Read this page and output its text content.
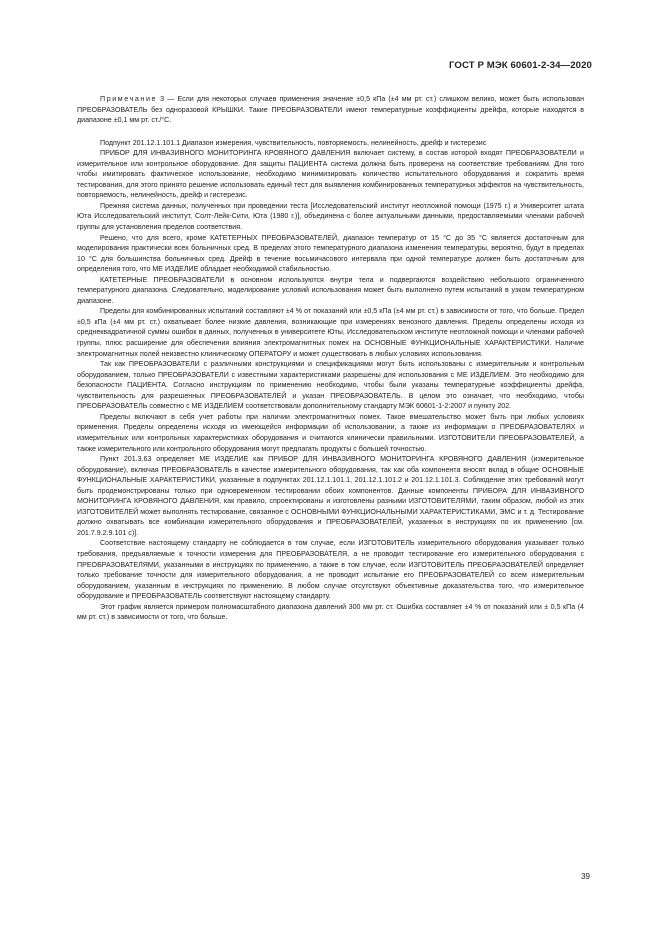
ГОСТ Р МЭК 60601-2-34—2020

Примечание 3 — Если для некоторых случаев применения значение ±0,5 кПа (±4 мм рт. ст.) слишком велико, может быть использован ПРЕОБРАЗОВАТЕЛЬ без одноразовой КРЫШКИ. Такие ПРЕОБРАЗОВАТЕЛИ имеют температурные коэффициенты дрейфа, которые находятся в диапазоне ±0,1 мм рт. ст./°С.

Подпункт 201.12.1.101.1 Диапазон измерения, чувствительность, повторяемость, нелинейность, дрейф и гистерезис

ПРИБОР ДЛЯ ИНВАЗИВНОГО МОНИТОРИНГА КРОВЯНОГО ДАВЛЕНИЯ включает систему, в состав которой входят ПРЕОБРАЗОВАТЕЛИ и измерительное или контрольное оборудование. Для защиты ПАЦИЕНТА система должна быть проверена на соответствие требованиям. Для того чтобы имитировать фактическое использование, необходимо минимизировать количество испытательного оборудования и сократить время тестирования, для этого принято решение использовать единый тест для выявления комбинированных температурных эффектов на чувствительность, повторяемость, нелинейность, дрейф и гистерезис.

Прежняя система данных, полученных при проведении теста [Исследовательский институт неотложной помощи (1975 г.) и Университет штата Юта Исследовательский институт, Солт-Лейк-Сити, Юта (1980 г.)], объединена с более актуальными данными, предоставляемыми членами рабочей группы для установления пределов соответствия.

Решено, что для всего, кроме КАТЕТЕРНЫХ ПРЕОБРАЗОВАТЕЛЕЙ, диапазон температур от 15 °С до 35 °С является достаточным для моделирования практически всех больничных сред. В пределах этого температурного диапазона изменения температуры, вероятно, будут в пределах 10 °С для большинства больничных сред. Дрейф в течение восьмичасового интервала при одной температуре должен быть достаточным для определения того, что МЕ ИЗДЕЛИЕ обладает необходимой стабильностью.

КАТЕТЕРНЫЕ ПРЕОБРАЗОВАТЕЛИ в основном используются внутри тела и подвергаются воздействию небольшого ограниченного температурного диапазона. Следовательно, моделирование условий использования может быть выполнено путем испытаний в узком температурном диапазоне.

Пределы для комбинированных испытаний составляют ±4 % от показаний или ±0,5 кПа (±4 мм рт. ст.) в зависимости от того, что больше. Предел ±0,5 кПа (±4 мм рт. ст.) охватывает более низкие давления, возникающие при измерениях венозного давления. Пределы определены исходя из среднеквадратичной суммы ошибок в данных, полученных в университете Юты, Исследовательском институте неотложной помощи и членами рабочей группы, плюс расширение для обеспечения влияния электромагнитных помех на ОСНОВНЫЕ ФУНКЦИОНАЛЬНЫЕ ХАРАКТЕРИСТИКИ. Наличие электромагнитных полей неизвестно клиническому ОПЕРАТОРУ и может существовать в любых условиях использования.

Так как ПРЕОБРАЗОВАТЕЛИ с различными конструкциями и спецификациями могут быть использованы с измерительным и контрольным оборудованием, только ПРЕОБРАЗОВАТЕЛИ с известными характеристиками разрешены для использования с МЕ ИЗДЕЛИЕМ. Это необходимо для безопасности ПАЦИЕНТА. Согласно инструкциям по применению необходимо, чтобы были указаны температурные коэффициенты дрейфа, чувствительность для разрешенных ПРЕОБРАЗОВАТЕЛЕЙ и указан ПРЕОБРАЗОВАТЕЛЬ. В целом это означает, что необходимо, чтобы ПРЕОБРАЗОВАТЕЛЬ совместно с МЕ ИЗДЕЛИЕМ соответствовали дополнительному стандарту МЭК 60601-1-2:2007 и пункту 202.

Пределы включают в себя учет работы при наличии электромагнитных помех. Такое вмешательство может быть при любых условиях применения. Пределы определены исходя из имеющейся информации об использовании, а также из информации о ПРЕОБРАЗОВАТЕЛЯХ и измерительных или контрольных характеристиках оборудования и считаются клинически правильными. ИЗГОТОВИТЕЛИ ПРЕОБРАЗОВАТЕЛЕЙ, а также измерительного или контрольного оборудования могут предлагать продукты с большей точностью.

Пункт 201.3.63 определяет МЕ ИЗДЕЛИЕ как ПРИБОР ДЛЯ ИНВАЗИВНОГО МОНИТОРИНГА КРОВЯНОГО ДАВЛЕНИЯ (измерительное оборудование), включая ПРЕОБРАЗОВАТЕЛЬ в качестве измерительного оборудования, так как оба компонента вносят вклад в общие ОСНОВНЫЕ ФУНКЦИОНАЛЬНЫЕ ХАРАКТЕРИСТИКИ, указанные в подпунктах 201.12.1.101.1, 201.12.1.101.2 и 201.12.1.101.3. Соблюдение этих требований могут быть продемонстрированы только при одновременном тестировании обоих компонентов. Данные компоненты ПРИБОРА ДЛЯ ИНВАЗИВНОГО МОНИТОРИНГА КРОВЯНОГО ДАВЛЕНИЯ, как правило, спроектированы и изготовлены разными ИЗГОТОВИТЕЛЯМИ, таким образом, любой из этих ИЗГОТОВИТЕЛЕЙ может выполнять тестирование, связанное с ОСНОВНЫМИ ФУНКЦИОНАЛЬНЫМИ ХАРАКТЕРИСТИКАМИ, ЭМС и т. д. Тестирование должно охватывать все комбинации измерительного оборудования и ПРЕОБРАЗОВАТЕЛЕЙ, указанных в инструкциях по их применению [см. 201.7.9.2.9.101 с)].

Соответствие настоящему стандарту не соблюдается в том случае, если ИЗГОТОВИТЕЛЬ измерительного оборудования указывает только требования, предъявляемые к точности измерения для ПРЕОБРАЗОВАТЕЛЯ, а не проводит тестирование его измерительного оборудования с ПРЕОБРАЗОВАТЕЛЯМИ, указанными в инструкциях по применению, а также в том случае, если ИЗГОТОВИТЕЛЬ ПРЕОБРАЗОВАТЕЛЕЙ определяет только требование точности для измерительного оборудования, а не проводит испытание его ПРЕОБРАЗОВАТЕЛЕЙ со всем измерительным оборудованием, указанным в инструкциях по применению. В любом случае отсутствуют объективные доказательства того, что измерительное оборудование и ПРЕОБРАЗОВАТЕЛЬ соответствуют настоящему стандарту.

Этот график является примером полномасштабного диапазона давлений 300 мм рт. ст. Ошибка составляет ±4 % от показаний или ± 0,5 кПа (4 мм рт. ст.) в зависимости от того, что больше.

39
